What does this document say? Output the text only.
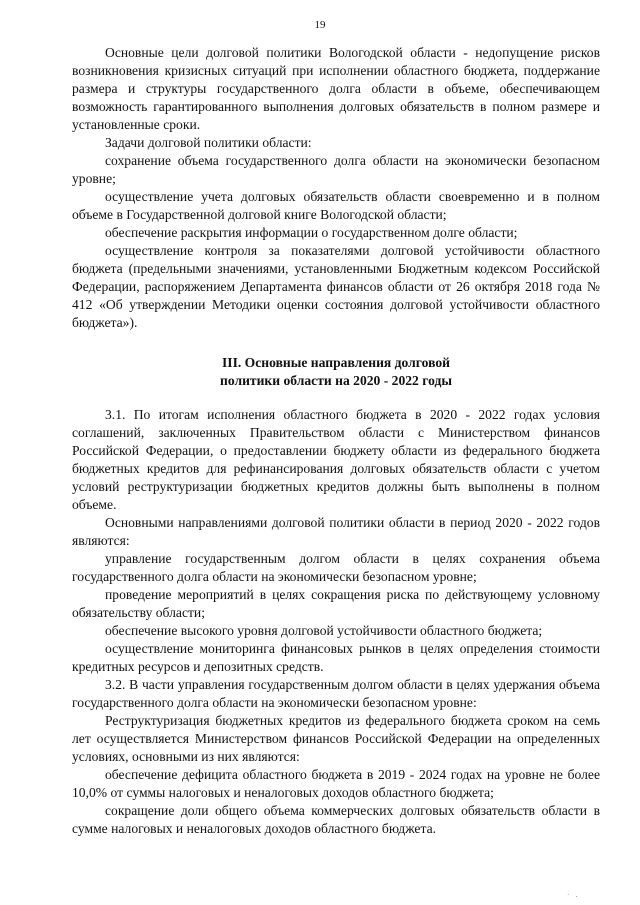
19

Основные цели долговой политики Вологодской области - недопущение рисков возникновения кризисных ситуаций при исполнении областного бюджета, поддержание размера и структуры государственного долга области в объеме, обеспечивающем возможность гарантированного выполнения долговых обязательств в полном размере и установленные сроки.

Задачи долговой политики области:

сохранение объема государственного долга области на экономически безопасном уровне;

осуществление учета долговых обязательств области своевременно и в полном объеме в Государственной долговой книге Вологодской области;

обеспечение раскрытия информации о государственном долге области;

осуществление контроля за показателями долговой устойчивости областного бюджета (предельными значениями, установленными Бюджетным кодексом Российской Федерации, распоряжением Департамента финансов области от 26 октября 2018 года № 412 «Об утверждении Методики оценки состояния долговой устойчивости областного бюджета»).

III. Основные направления долговой
политики области на 2020 - 2022 годы

3.1. По итогам исполнения областного бюджета в 2020 - 2022 годах условия соглашений, заключенных Правительством области с Министерством финансов Российской Федерации, о предоставлении бюджету области из федерального бюджета бюджетных кредитов для рефинансирования долговых обязательств области с учетом условий реструктуризации бюджетных кредитов должны быть выполнены в полном объеме.

Основными направлениями долговой политики области в период 2020 - 2022 годов являются:

управление государственным долгом области в целях сохранения объема государственного долга области на экономически безопасном уровне;

проведение мероприятий в целях сокращения риска по действующему условному обязательству области;

обеспечение высокого уровня долговой устойчивости областного бюджета;

осуществление мониторинга финансовых рынков в целях определения стоимости кредитных ресурсов и депозитных средств.

3.2. В части управления государственным долгом области в целях удержания объема государственного долга области на экономически безопасном уровне:

Реструктуризация бюджетных кредитов из федерального бюджета сроком на семь лет осуществляется Министерством финансов Российской Федерации на определенных условиях, основными из них являются:

обеспечение дефицита областного бюджета в 2019 - 2024 годах на уровне не более 10,0% от суммы налоговых и неналоговых доходов областного бюджета;

сокращение доли общего объема коммерческих долговых обязательств области в сумме налоговых и неналоговых доходов областного бюджета.

˙ ·
